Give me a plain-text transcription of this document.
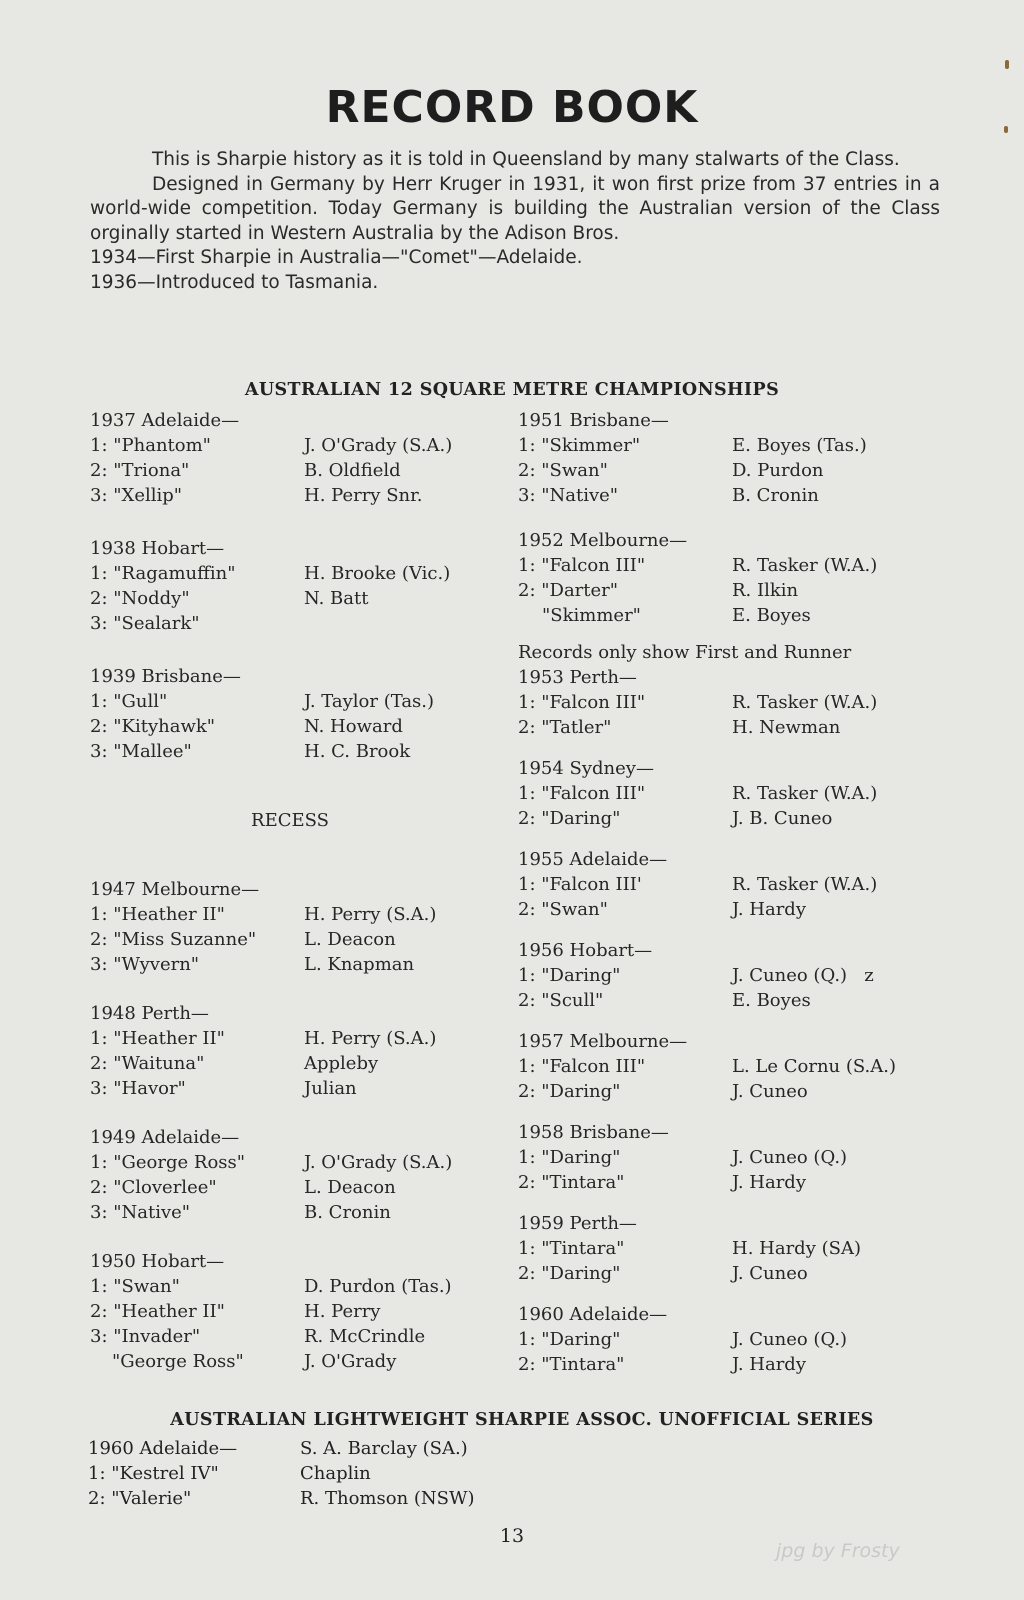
RECORD BOOK

This is Sharpie history as it is told in Queensland by many stalwarts of the Class.

Designed in Germany by Herr Kruger in 1931, it won first prize from 37 entries in a world-wide competition. Today Germany is building the Australian version of the Class orginally started in Western Australia by the Adison Bros.

1934—First Sharpie in Australia—"Comet"—Adelaide.

1936—Introduced to Tasmania.

AUSTRALIAN 12 SQUARE METRE CHAMPIONSHIPS
1937 Adelaide—
1: "Phantom"	J. O'Grady (S.A.)
2: "Triona"	B. Oldfield
3: "Xellip"	H. Perry Snr.
1938 Hobart—
1: "Ragamuffin"	H. Brooke (Vic.)
2: "Noddy"	N. Batt
3: "Sealark"
1939 Brisbane—
1: "Gull"	J. Taylor (Tas.)
2: "Kityhawk"	N. Howard
3: "Mallee"	H. C. Brook
RECESS
1947 Melbourne—
1: "Heather II"	H. Perry (S.A.)
2: "Miss Suzanne"	L. Deacon
3: "Wyvern"	L. Knapman
1948 Perth—
1: "Heather II"	H. Perry (S.A.)
2: "Waituna"	Appleby
3: "Havor"	Julian
1949 Adelaide—
1: "George Ross"	J. O'Grady (S.A.)
2: "Cloverlee"	L. Deacon
3: "Native"	B. Cronin
1950 Hobart—
1: "Swan"	D. Purdon (Tas.)
2: "Heather II"	H. Perry
3: "Invader"	R. McCrindle
"George Ross"	J. O'Grady
1951 Brisbane—
1: "Skimmer"	E. Boyes (Tas.)
2: "Swan"	D. Purdon
3: "Native"	B. Cronin
1952 Melbourne—
1: "Falcon III"	R. Tasker (W.A.)
2: "Darter"	R. Ilkin
"Skimmer"	E. Boyes
Records only show First and Runner
1953 Perth—
1: "Falcon III"	R. Tasker (W.A.)
2: "Tatler"	H. Newman
1954 Sydney—
1: "Falcon III"	R. Tasker (W.A.)
2: "Daring"	J. B. Cuneo
1955 Adelaide—
1: "Falcon III'	R. Tasker (W.A.)
2: "Swan"	J. Hardy
1956 Hobart—
1: "Daring"	J. Cuneo (Q.)   z
2: "Scull"	E. Boyes
1957 Melbourne—
1: "Falcon III"	L. Le Cornu (S.A.)
2: "Daring"	J. Cuneo
1958 Brisbane—
1: "Daring"	J. Cuneo (Q.)
2: "Tintara"	J. Hardy
1959 Perth—
1: "Tintara"	H. Hardy (SA)
2: "Daring"	J. Cuneo
1960 Adelaide—
1: "Daring"	J. Cuneo (Q.)
2: "Tintara"	J. Hardy
AUSTRALIAN LIGHTWEIGHT SHARPIE ASSOC. UNOFFICIAL SERIES
1960 Adelaide—	S. A. Barclay (SA.)
1: "Kestrel IV"	Chaplin
2: "Valerie"	R. Thomson (NSW)
13
jpg by Frosty
